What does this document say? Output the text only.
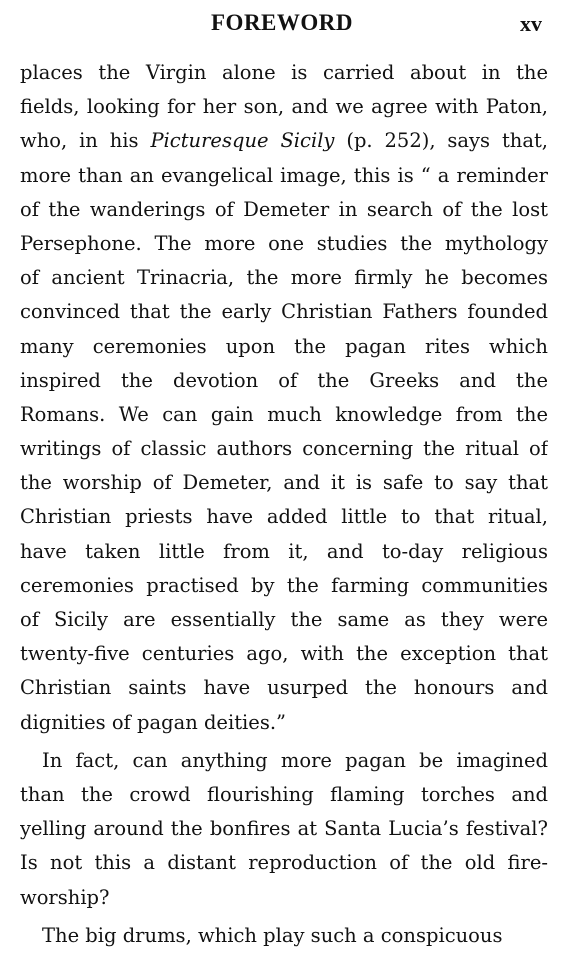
FOREWORD	xv
places the Virgin alone is carried about in the
fields, looking for her son, and we agree with Paton,
who, in his Picturesque Sicily (p. 252), says that,
more than an evangelical image, this is “ a reminder
of the wanderings of Demeter in search of the lost
Persephone. The more one studies the mythology
of ancient Trinacria, the more firmly he becomes
convinced that the early Christian Fathers founded
many ceremonies upon the pagan rites which
inspired the devotion of the Greeks and the
Romans. We can gain much knowledge from the
writings of classic authors concerning the ritual of
the worship of Demeter, and it is safe to say that
Christian priests have added little to that ritual,
have taken little from it, and to-day religious
ceremonies practised by the farming communities
of Sicily are essentially the same as they were
twenty-five centuries ago, with the exception that
Christian saints have usurped the honours and
dignities of pagan deities.”
In fact, can anything more pagan be imagined
than the crowd flourishing flaming torches and
yelling around the bonfires at Santa Lucia’s festival?
Is not this a distant reproduction of the old fire-
worship?
The big drums, which play such a conspicuous
